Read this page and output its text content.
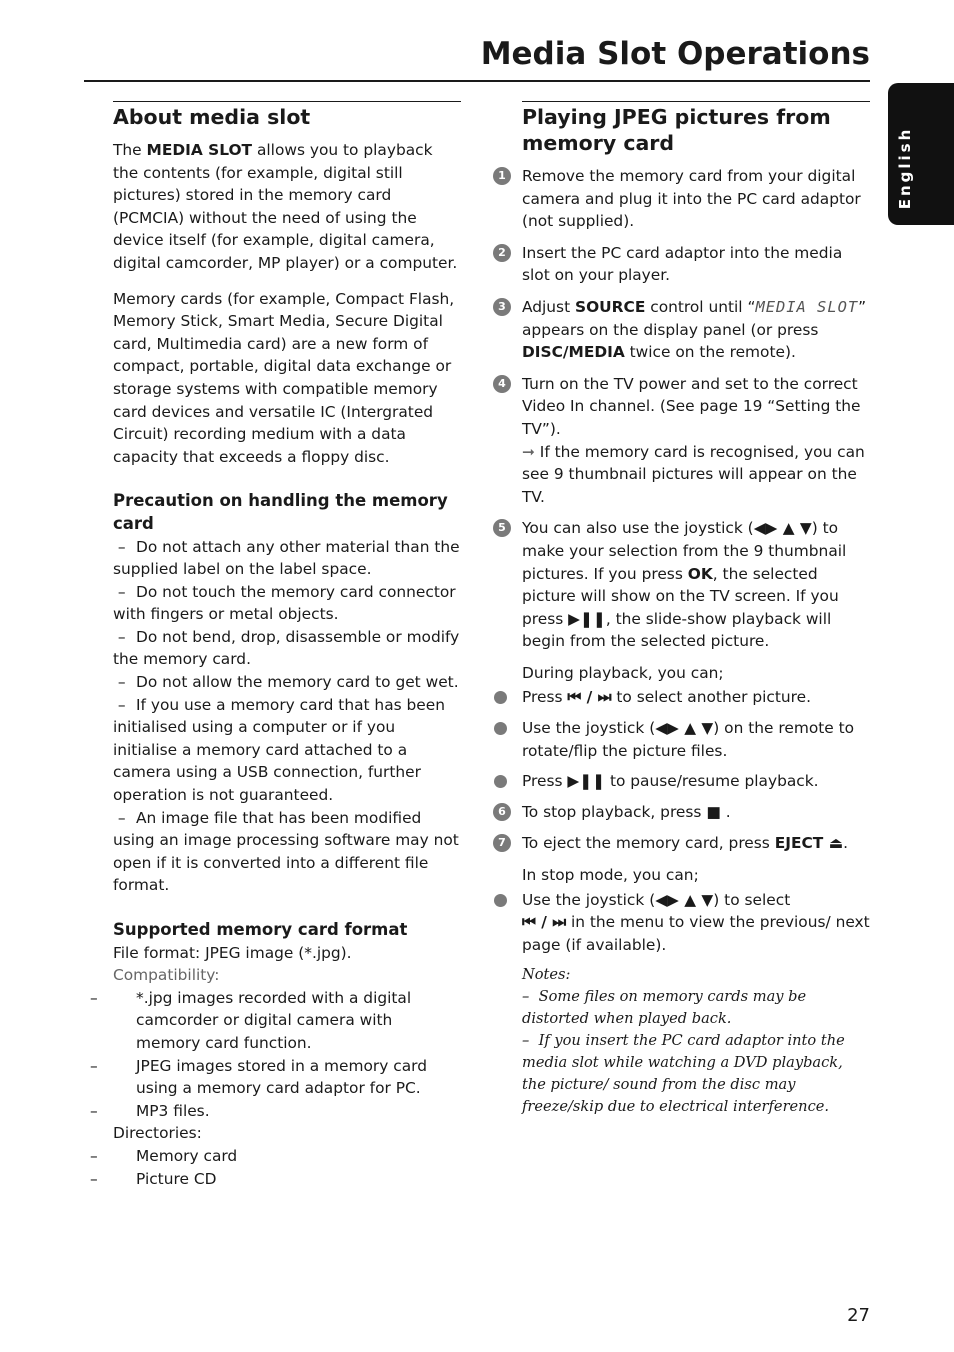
Media Slot Operations
English
About media slot

The MEDIA SLOT allows you to playback the contents (for example, digital still pictures) stored in the memory card (PCMCIA) without the need of using the device itself (for example, digital camera, digital camcorder, MP player) or a computer.

Memory cards (for example, Compact Flash, Memory Stick, Smart Media, Secure Digital card, Multimedia card) are a new form of compact, portable, digital data exchange or storage systems with compatible memory card devices and versatile IC (Intergrated Circuit) recording medium with a data capacity that exceeds a floppy disc.

Precaution on handling the memory card

– Do not attach any other material than the supplied label on the label space.

– Do not touch the memory card connector with fingers or metal objects.

– Do not bend, drop, disassemble or modify the memory card.

– Do not allow the memory card to get wet.

– If you use a memory card that has been initialised using a computer or if you initialise a memory card attached to a camera using a USB connection, further operation is not guaranteed.

– An image file that has been modified using an image processing software may not open if it is converted into a different file format.

Supported memory card format

File format: JPEG image (*.jpg).

Compatibility:

– *.jpg images recorded with a digital camcorder or digital camera with memory card function.

– JPEG images stored in a memory card using a memory card adaptor for PC.

– MP3 files.

Directories:

– Memory card

– Picture CD

Playing JPEG pictures from memory card
1	Remove the memory card from your digital camera and plug it into the PC card adaptor (not supplied).

2	Insert the PC card adaptor into the media slot on your player.

3	Adjust SOURCE control until “MEDIA SLOT” appears on the display panel (or press DISC/MEDIA twice on the remote).

4	Turn on the TV power and set to the correct Video In channel. (See page 19 “Setting the TV”).

➞ If the memory card is recognised, you can see 9 thumbnail pictures will appear on the TV.

5	You can also use the joystick (◀▶ ▲ ▼) to make your selection from the 9 thumbnail pictures. If you press OK, the selected picture will show on the TV screen. If you press ▶❚❚, the slide-show playback will begin from the selected picture.

During playback, you can;

Press ⏮ / ⏭ to select another picture.

Use the joystick (◀▶ ▲ ▼) on the remote to rotate/flip the picture files.

Press ▶❚❚ to pause/resume playback.

6	To stop playback, press ■ .

7	To eject the memory card, press EJECT ⏏.

In stop mode, you can;

Use the joystick (◀▶ ▲ ▼) to select
⏮ / ⏭ in the menu to view the previous/ next page (if available).

Notes:

–  Some files on memory cards may be distorted when played back.

–  If you insert the PC card adaptor into the media slot while watching a DVD playback, the picture/ sound from the disc may freeze/skip due to electrical interference.

27
